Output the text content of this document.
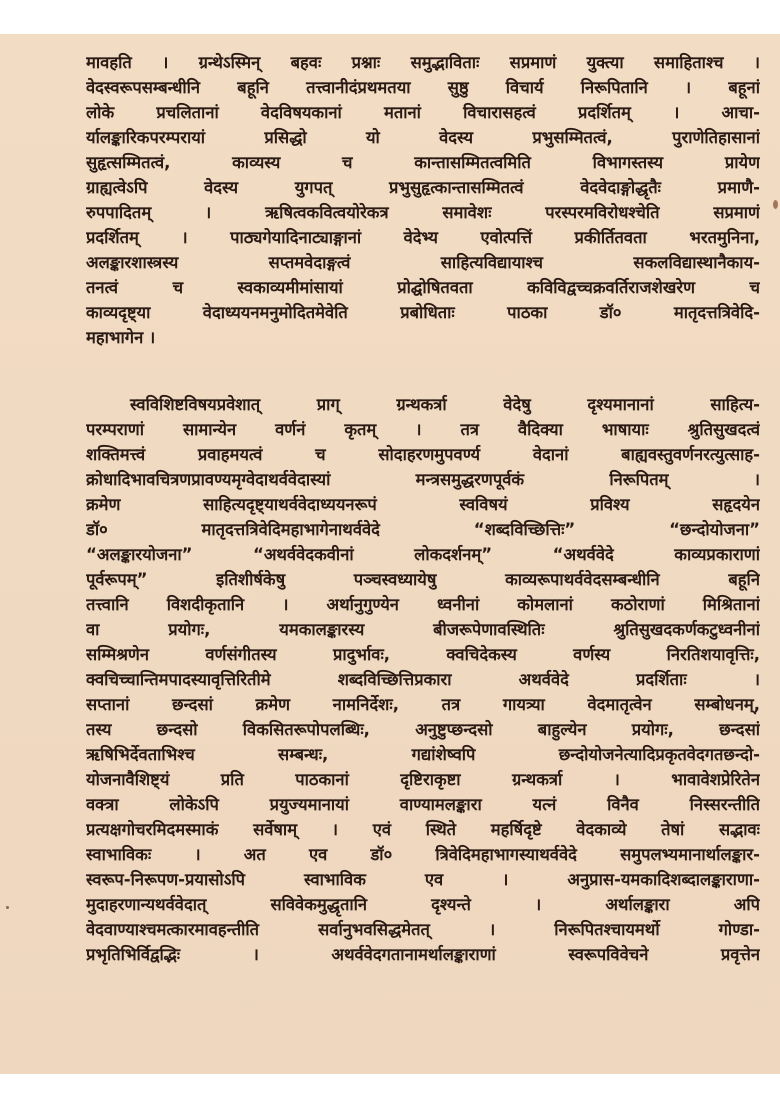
मावहति । ग्रन्थेऽस्मिन् बहवः प्रश्नाः समुद्भाविताः सप्रमाणं युक्त्या समाहिताश्च ।
वेदस्वरूपसम्बन्धीनि बहूनि तत्त्वानीदंप्रथमतया सुष्ठु विचार्य निरूपितानि । बहूनां
लोके प्रचलितानां वेदविषयकानां मतानां विचारासहत्वं प्रदर्शितम् । आचा-
र्यालङ्कारिकपरम्परायां प्रसिद्धो यो वेदस्य प्रभुसम्मितत्वं, पुराणेतिहासानां
सुहृत्सम्मितत्वं, काव्यस्य च कान्तासम्मितत्वमिति विभागस्तस्य प्रायेण
ग्राह्यत्वेऽपि वेदस्य युगपत् प्रभुसुहृत्कान्तासम्मितत्वं वेदवेदाङ्गोद्धृतैः प्रमाणै-
रुपपादितम् । ऋषित्वकवित्वयोरेकत्र समावेशः परस्परमविरोधश्चेति सप्रमाणं
प्रदर्शितम् । पाठ्यगेयादिनाट्याङ्गानां वेदेभ्य एवोत्पत्तिं प्रकीर्तितवता भरतमुनिना,
अलङ्कारशास्त्रस्य सप्तमवेदाङ्गत्वं साहित्यविद्यायाश्च सकलविद्यास्थानैकाय-
तनत्वं च स्वकाव्यमीमांसायां प्रोद्घोषितवता कविविद्वच्चक्रवर्तिराजशेखरेण च
काव्यदृष्ट्या वेदाध्ययनमनुमोदितमेवेति प्रबोधिताः पाठका डॉ० मातृदत्तत्रिवेदि-
महाभागेन ।
स्वविशिष्टविषयप्रवेशात् प्राग् ग्रन्थकर्त्रा वेदेषु दृश्यमानानां साहित्य-
परम्पराणां सामान्येन वर्णनं कृतम् । तत्र वैदिक्या भाषायाः श्रुतिसुखदत्वं
शक्तिमत्त्वं प्रवाहमयत्वं च सोदाहरणमुपवर्ण्य वेदानां बाह्यवस्तुवर्णनरत्युत्साह-
क्रोधादिभावचित्रणप्रावण्यमृग्वेदाथर्ववेदास्यां मन्त्रसमुद्धरणपूर्वकं निरूपितम् ।
क्रमेण साहित्यदृष्ट्याथर्ववेदाध्ययनरूपं स्वविषयं प्रविश्य सहृदयेन
डॉ० मातृदत्तत्रिवेदिमहाभागेनाथर्ववेदे “शब्दविच्छित्तिः” “छन्दोयोजना”
“अलङ्कारयोजना” “अथर्ववेदकवीनां लोकदर्शनम्” “अथर्ववेदे काव्यप्रकाराणां
पूर्वरूपम्” इतिशीर्षकेषु पञ्चस्वध्यायेषु काव्यरूपाथर्ववेदसम्बन्धीनि बहूनि
तत्त्वानि विशदीकृतानि । अर्थानुगुण्येन ध्वनीनां कोमलानां कठोराणां मिश्रितानां
वा प्रयोगः, यमकालङ्कारस्य बीजरूपेणावस्थितिः श्रुतिसुखदकर्णकटुध्वनीनां
सम्मिश्रणेन वर्णसंगीतस्य प्रादुर्भावः, क्वचिदेकस्य वर्णस्य निरतिशयावृत्तिः,
क्वचिच्चान्तिमपादस्यावृत्तिरितीमे शब्दविच्छित्तिप्रकारा अथर्ववेदे प्रदर्शिताः ।
सप्तानां छन्दसां क्रमेण नामनिर्देशः, तत्र गायत्र्या वेदमातृत्वेन सम्बोधनम्,
तस्य छन्दसो विकसितरूपोपलब्धिः, अनुष्टुप्छन्दसो बाहुल्येन प्रयोगः, छन्दसां
ऋषिभिर्देवताभिश्च सम्बन्धः, गद्यांशेष्वपि छन्दोयोजनेत्यादिप्रकृतवेदगतछन्दो-
योजनावैशिष्ट्यं प्रति पाठकानां दृष्टिराकृष्टा ग्रन्थकर्त्रा । भावावेशप्रेरितेन
वक्त्रा लोकेऽपि प्रयुज्यमानायां वाण्यामलङ्कारा यत्नं विनैव निस्सरन्तीति
प्रत्यक्षगोचरमिदमस्माकं सर्वेषाम् । एवं स्थिते महर्षिदृष्टे वेदकाव्ये तेषां सद्भावः
स्वाभाविकः । अत एव डॉ० त्रिवेदिमहाभागस्याथर्ववेदे समुपलभ्यमानार्थालङ्कार-
स्वरूप-निरूपण-प्रयासोऽपि स्वाभाविक एव । अनुप्रास-यमकादिशब्दालङ्काराणा-
मुदाहरणान्यथर्ववेदात् सविवेकमुद्धृतानि दृश्यन्ते । अर्थालङ्कारा अपि
वेदवाण्याश्चमत्कारमावहन्तीति सर्वानुभवसिद्धमेतत् । निरूपितश्चायमर्थो गोण्डा-
प्रभृतिभिर्विद्वद्भिः । अथर्ववेदगतानामर्थालङ्काराणां स्वरूपविवेचने प्रवृत्तेन
